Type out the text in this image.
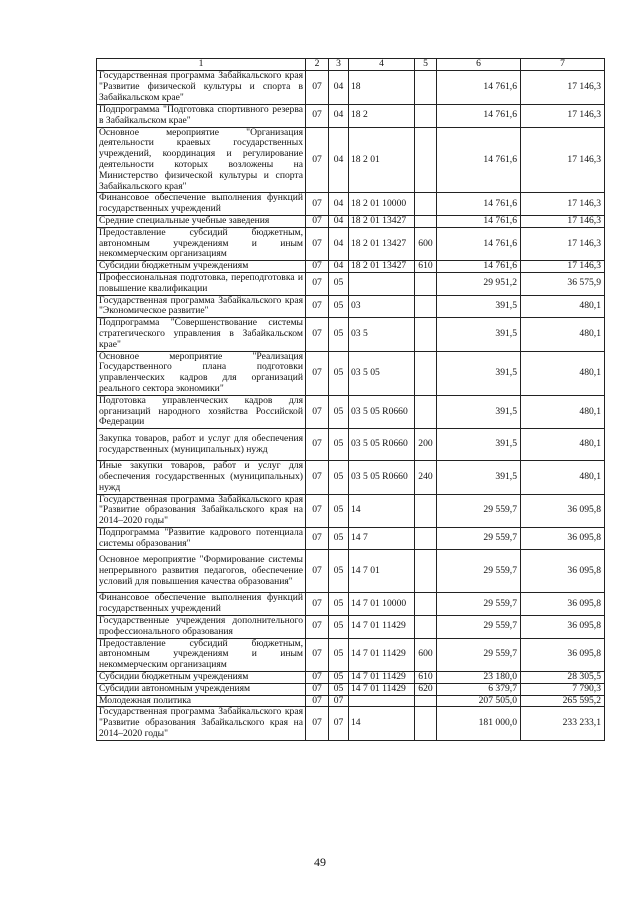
1	2	3	4	5	6	7
Государственная программа Забайкальского края "Развитие физической культуры и спорта в Забайкальском крае"	07	04	18		14 761,6	17 146,3
Подпрограмма "Подготовка спортивного резерва в Забайкальском крае"	07	04	18 2		14 761,6	17 146,3
Основное мероприятие "Организация деятельности краевых государственных учреждений, координация и регулирование деятельности которых возложены на Министерство физической культуры и спорта Забайкальского края"	07	04	18 2 01		14 761,6	17 146,3
Финансовое обеспечение выполнения функций государственных учреждений	07	04	18 2 01 10000		14 761,6	17 146,3
Средние специальные учебные заведения	07	04	18 2 01 13427		14 761,6	17 146,3
Предоставление субсидий бюджетным, автономным учреждениям и иным некоммерческим организациям	07	04	18 2 01 13427	600	14 761,6	17 146,3
Субсидии бюджетным учреждениям	07	04	18 2 01 13427	610	14 761,6	17 146,3
Профессиональная подготовка, переподготовка и повышение квалификации	07	05			29 951,2	36 575,9
Государственная программа Забайкальского края "Экономическое развитие"	07	05	03		391,5	480,1
Подпрограмма "Совершенствование системы стратегического управления в Забайкальском крае"	07	05	03 5		391,5	480,1
Основное мероприятие "Реализация Государственного плана подготовки управленческих кадров для организаций реального сектора экономики"	07	05	03 5 05		391,5	480,1
Подготовка управленческих кадров для организаций народного хозяйства Российской Федерации	07	05	03 5 05 R0660		391,5	480,1
Закупка товаров, работ и услуг для обеспечения государственных (муниципальных) нужд	07	05	03 5 05 R0660	200	391,5	480,1
Иные закупки товаров, работ и услуг для обеспечения государственных (муниципальных) нужд	07	05	03 5 05 R0660	240	391,5	480,1
Государственная программа Забайкальского края "Развитие образования Забайкальского края на 2014–2020 годы"	07	05	14		29 559,7	36 095,8
Подпрограмма "Развитие кадрового потенциала системы образования"	07	05	14 7		29 559,7	36 095,8
Основное мероприятие "Формирование системы непрерывного развития педагогов, обеспечение условий для повышения качества образования"	07	05	14 7 01		29 559,7	36 095,8
Финансовое обеспечение выполнения функций государственных учреждений	07	05	14 7 01 10000		29 559,7	36 095,8
Государственные учреждения дополнительного профессионального образования	07	05	14 7 01 11429		29 559,7	36 095,8
Предоставление субсидий бюджетным, автономным учреждениям и иным некоммерческим организациям	07	05	14 7 01 11429	600	29 559,7	36 095,8
Субсидии бюджетным учреждениям	07	05	14 7 01 11429	610	23 180,0	28 305,5
Субсидии автономным учреждениям	07	05	14 7 01 11429	620	6 379,7	7 790,3
Молодежная политика	07	07			207 505,0	265 595,2
Государственная программа Забайкальского края "Развитие образования Забайкальского края на 2014–2020 годы"	07	07	14		181 000,0	233 233,1
49
